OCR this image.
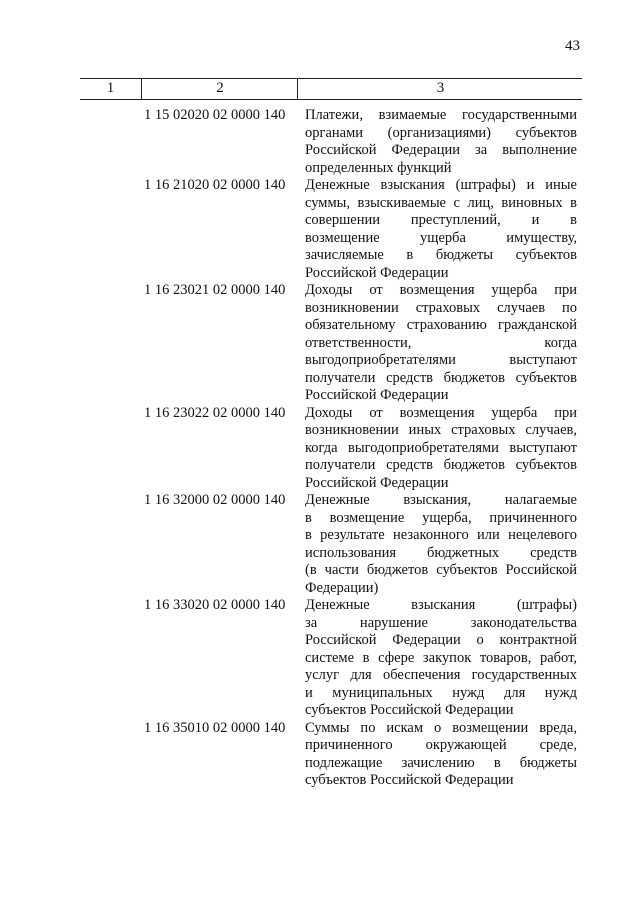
43
1	2	3
1 15 02020 02 0000 140	Платежи, взимаемые государственными
органами (организациями) субъектов
Российской Федерации за выполнение
определенных функций
1 16 21020 02 0000 140	Денежные взыскания (штрафы) и иные
суммы, взыскиваемые с лиц, виновных в
совершении преступлений, и в
возмещение ущерба имуществу,
зачисляемые в бюджеты субъектов
Российской Федерации
1 16 23021 02 0000 140	Доходы от возмещения ущерба при
возникновении страховых случаев по
обязательному страхованию гражданской
ответственности, когда
выгодоприобретателями выступают
получатели средств бюджетов субъектов
Российской Федерации
1 16 23022 02 0000 140	Доходы от возмещения ущерба при
возникновении иных страховых случаев,
когда выгодоприобретателями выступают
получатели средств бюджетов субъектов
Российской Федерации
1 16 32000 02 0000 140	Денежные взыскания, налагаемые
в возмещение ущерба, причиненного
в результате незаконного или нецелевого
использования бюджетных средств
(в части бюджетов субъектов Российской
Федерации)
1 16 33020 02 0000 140	Денежные взыскания (штрафы)
за нарушение законодательства
Российской Федерации о контрактной
системе в сфере закупок товаров, работ,
услуг для обеспечения государственных
и муниципальных нужд для нужд
субъектов Российской Федерации
1 16 35010 02 0000 140	Суммы по искам о возмещении вреда,
причиненного окружающей среде,
подлежащие зачислению в бюджеты
субъектов Российской Федерации
